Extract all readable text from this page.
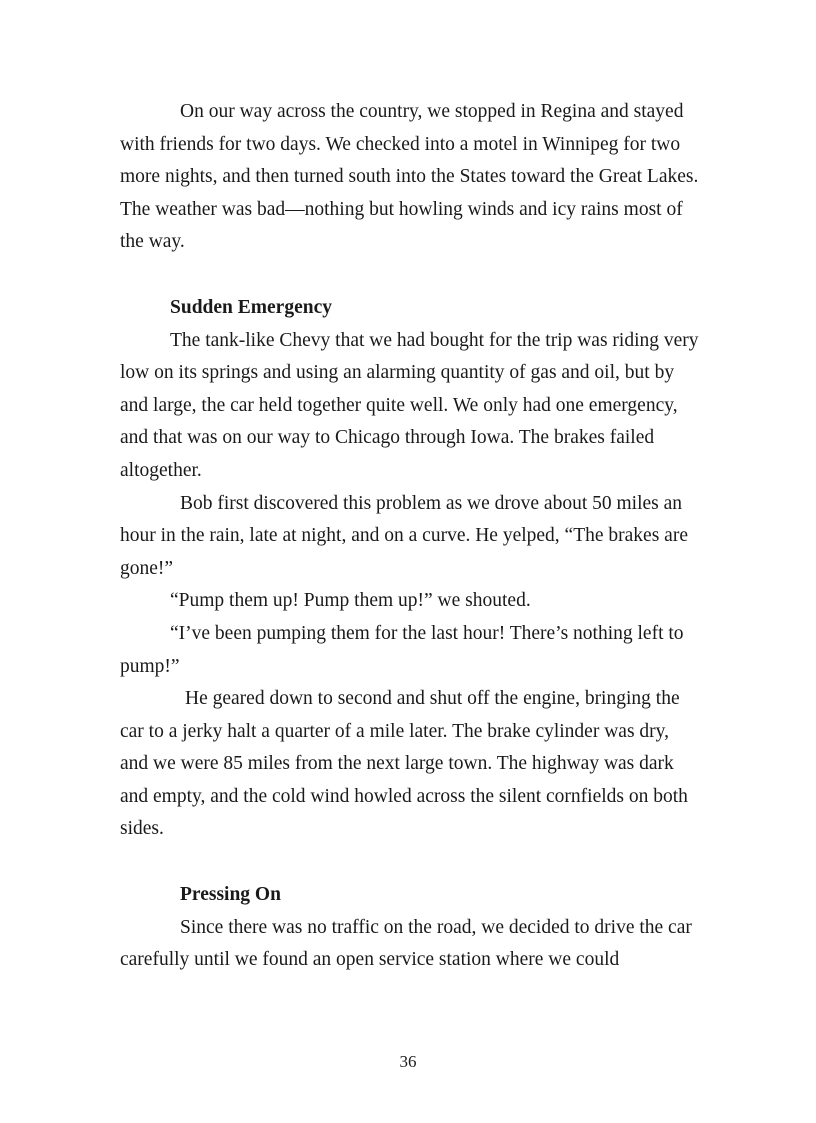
On our way across the country, we stopped in Regina and stayed with friends for two days. We checked into a motel in Winnipeg for two more nights, and then turned south into the States toward the Great Lakes. The weather was bad—nothing but howling winds and icy rains most of the way.

Sudden Emergency

The tank-like Chevy that we had bought for the trip was riding very low on its springs and using an alarming quantity of gas and oil, but by and large, the car held together quite well. We only had one emergency, and that was on our way to Chicago through Iowa. The brakes failed altogether.

Bob first discovered this problem as we drove about 50 miles an hour in the rain, late at night, and on a curve. He yelped, “The brakes are gone!”

“Pump them up! Pump them up!” we shouted.

“I’ve been pumping them for the last hour! There’s nothing left to pump!”

He geared down to second and shut off the engine, bringing the car to a jerky halt a quarter of a mile later. The brake cylinder was dry, and we were 85 miles from the next large town. The highway was dark and empty, and the cold wind howled across the silent cornfields on both sides.

Pressing On

Since there was no traffic on the road, we decided to drive the car carefully until we found an open service station where we could

36
